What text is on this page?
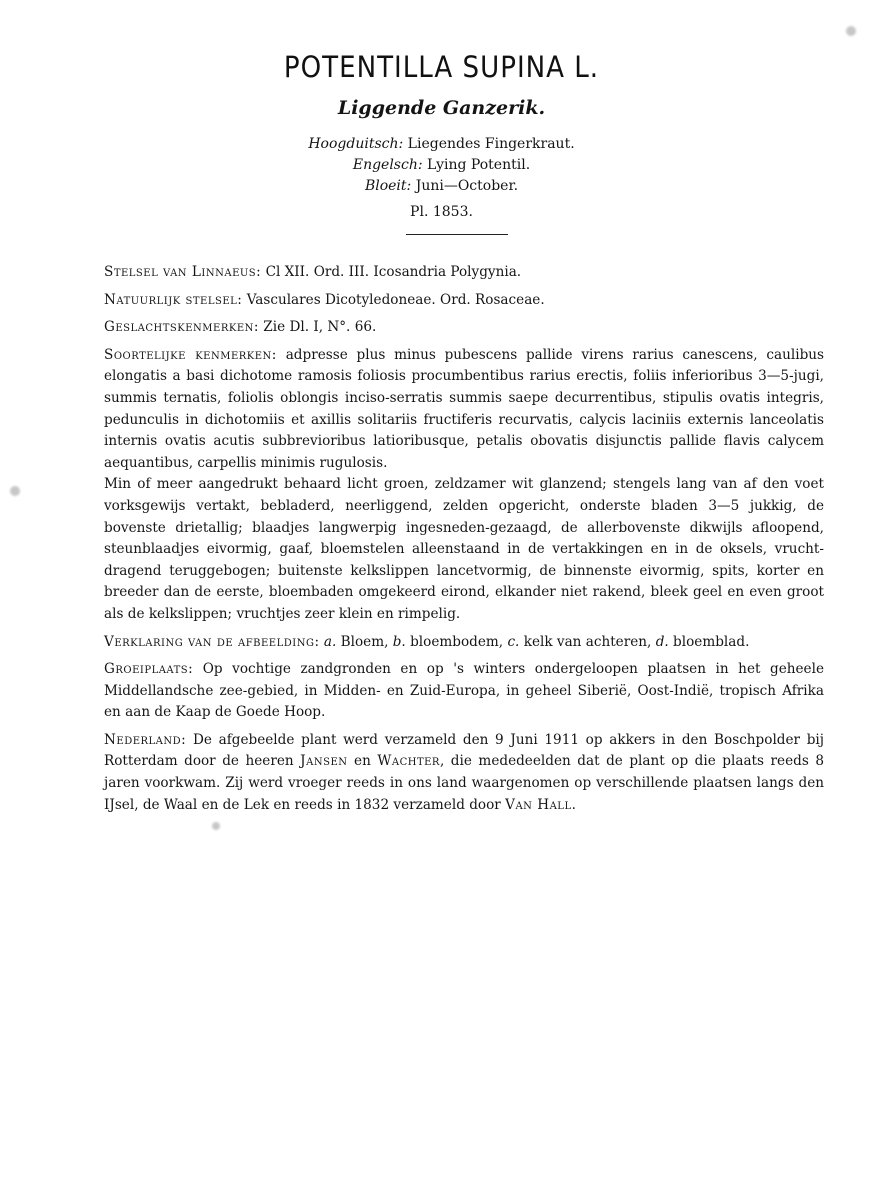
POTENTILLA SUPINA L.
Liggende Ganzerik.
Hoogduitsch: Liegendes Fingerkraut.
Engelsch: Lying Potentil.
Bloeit: Juni—October.
Pl. 1853.

Stelsel van Linnaeus: Cl XII. Ord. III. Icosandria Polygynia.

Natuurlijk stelsel: Vasculares Dicotyledoneae. Ord. Rosaceae.

Geslachtskenmerken: Zie Dl. I, N°. 66.

Soortelijke kenmerken: adpresse plus minus pubescens pallide virens rarius canescens, caulibus elongatis a basi dichotome ramosis foliosis procumbentibus rarius erectis, foliis inferioribus 3—5-jugi, summis ternatis, foliolis oblongis inciso-serratis summis saepe decurrentibus, stipulis ovatis integris, pedunculis in dichotomiis et axillis solitariis fructiferis recurvatis, calycis laciniis externis lanceolatis internis ovatis acutis subbrevioribus latioribusque, petalis obovatis disjunctis pallide flavis calycem aequantibus, carpellis minimis rugulosis.

Min of meer aangedrukt behaard licht groen, zeldzamer wit glanzend; stengels lang van af den voet vorksgewijs vertakt, bebladerd, neerliggend, zelden opgericht, onderste bladen 3—5 jukkig, de bovenste drietallig; blaadjes langwerpig ingesneden-gezaagd, de allerbovenste dikwijls afloopend, steunblaadjes eivormig, gaaf, bloemstelen alleenstaand in de vertakkingen en in de oksels, vrucht-dragend teruggebogen; buitenste kelkslippen lancetvormig, de binnenste eivormig, spits, korter en breeder dan de eerste, bloembaden omgekeerd eirond, elkander niet rakend, bleek geel en even groot als de kelkslippen; vruchtjes zeer klein en rimpelig.

Verklaring van de afbeelding: a. Bloem, b. bloembodem, c. kelk van achteren, d. bloemblad.

Groeiplaats: Op vochtige zandgronden en op 's winters ondergeloopen plaatsen in het geheele Middellandsche zee-gebied, in Midden- en Zuid-Europa, in geheel Siberië, Oost-Indië, tropisch Afrika en aan de Kaap de Goede Hoop.

Nederland: De afgebeelde plant werd verzameld den 9 Juni 1911 op akkers in den Boschpolder bij Rotterdam door de heeren Jansen en Wachter, die mededeelden dat de plant op die plaats reeds 8 jaren voorkwam. Zij werd vroeger reeds in ons land waargenomen op verschillende plaatsen langs den IJsel, de Waal en de Lek en reeds in 1832 verzameld door Van Hall.
